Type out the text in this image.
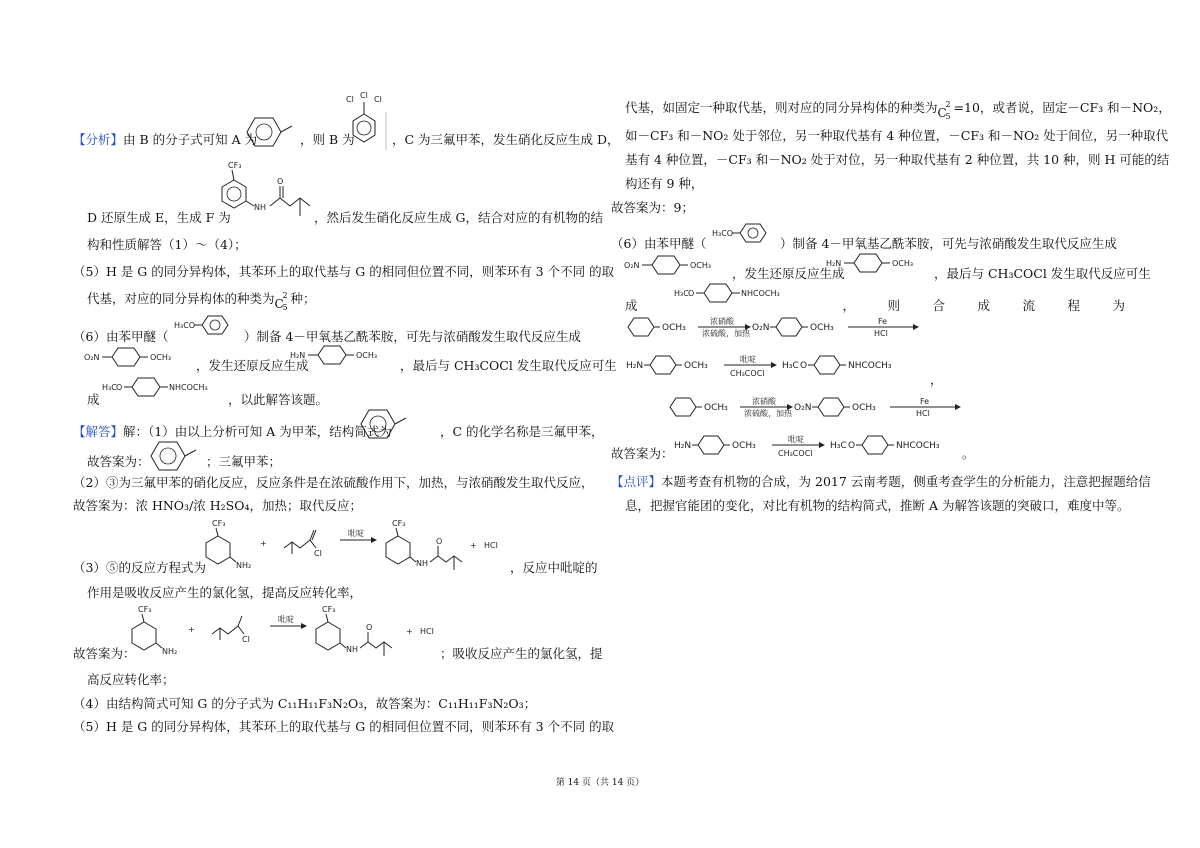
【分析】由 B 的分子式可知 A 为	，则 B 为
Cl Cl Cl
，C 为三氟甲苯，发生硝化反应生成 D，
CF₃
NH
O
D 还原生成 E，生成 F 为	，然后发生硝化反应生成 G，结合对应的有机物的结
构和性质解答（1）～（4）；
（5）H 是 G 的同分异构体，其苯环上的取代基与 G 的相同但位置不同，则苯环有 3 个不同 的取
代基，对应的同分异构体的种类为 C
2
5
种；
（6）由苯甲醚（
H₃CO
）制备 4－甲氧基乙酰苯胺，可先与浓硝酸发生取代反应生成
O₂N	OCH₃
，发生还原反应生成
H₂N	OCH₃
，最后与 CH₃COCl 发生取代反应可生
成
H₃C O	NHCOCH₃
，以此解答该题。
【解答】解：（1）由以上分析可知 A 为甲苯，结构简式为	，C 的化学名称是三氟甲苯，
故答案为：	；三氟甲苯；
（2）③为三氟甲苯的硝化反应，反应条件是在浓硫酸作用下，加热，与浓硝酸发生取代反应，
故答案为：浓 HNO₃/浓 H₂SO₄，加热；取代反应；
CF₃
NH₂
+
Cl
吡啶
CF₃
NH
O	+ HCl
（3）⑤的反应方程式为	，反应中吡啶的
作用是吸收反应产生的氯化氢，提高反应转化率，
CF₃
NH₂
+
Cl
吡啶
CF₃
NH
O	+ HCl
故答案为：	；吸收反应产生的氯化氢，提
高反应转化率；
（4）由结构简式可知 G 的分子式为 C₁₁H₁₁F₃N₂O₃，故答案为：C₁₁H₁₁F₃N₂O₃；
（5）H 是 G 的同分异构体，其苯环上的取代基与 G 的相同但位置不同，则苯环有 3 个不同 的取
代基，如固定一种取代基，则对应的同分异构体的种类为 C
2
5
=10，或者说，固定－CF₃ 和－NO₂，
如－CF₃ 和－NO₂ 处于邻位，另一种取代基有 4 种位置，－CF₃ 和－NO₂ 处于间位，另一种取代
基有 4 种位置，－CF₃ 和－NO₂ 处于对位，另一种取代基有 2 种位置，共 10 种，则 H 可能的结
构还有 9 种，
故答案为：9；
（6）由苯甲醚（
H₃CO
）制备 4－甲氧基乙酰苯胺，可先与浓硝酸发生取代反应生成
O₂N	OCH₃
，发生还原反应生成
H₂N	OCH₃
，最后与 CH₃COCl 发生取代反应可生
成	，	则	合	成	流	程	为
H₃C O	NHCOCH₃
OCH₃
浓硝酸
浓硫酸，加热
O₂N	OCH₃
Fe
HCl
H₂N	OCH₃
吡啶
CH₃COCl
H₃C O	NHCOCH₃
，
OCH₃
浓硝酸
浓硫酸，加热
O₂N	OCH₃
Fe
HCl
故答案为： H₂N	OCH₃
吡啶
CH₃COCl
H₃C O	NHCOCH₃ 。
【点评】本题考查有机物的合成，为 2017 云南考题，侧重考查学生的分析能力，注意把握题给信
息，把握官能团的变化，对比有机物的结构简式，推断 A 为解答该题的突破口，难度中等。
第 14 页（共 14 页）
